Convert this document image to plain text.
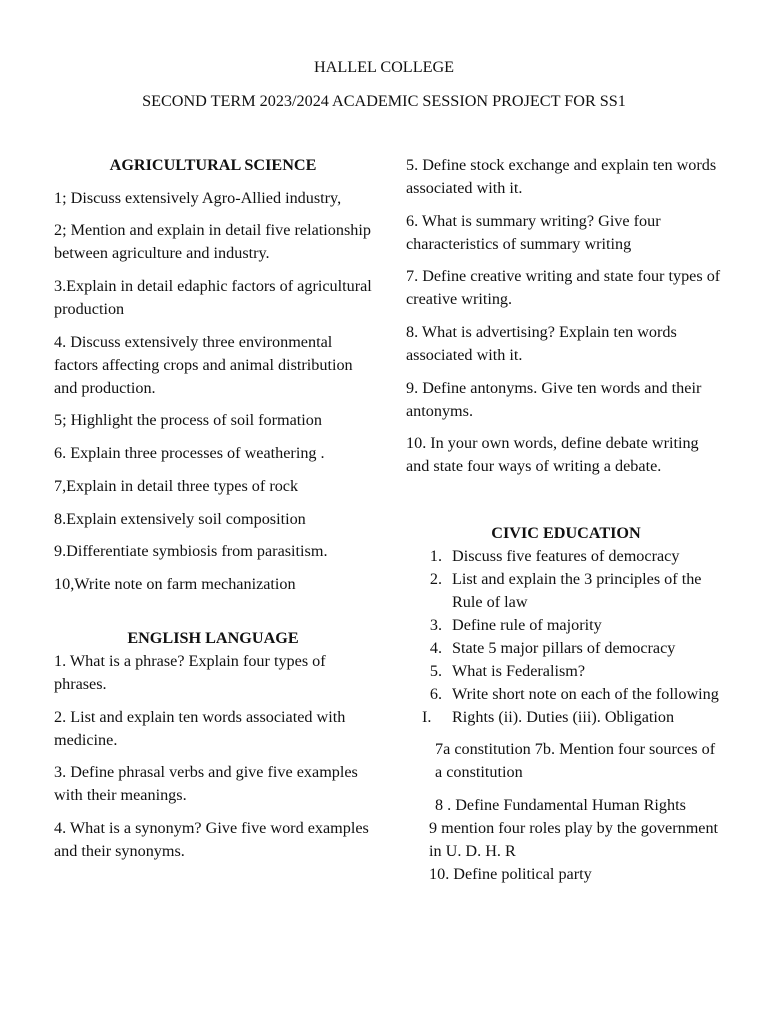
HALLEL COLLEGE
SECOND TERM 2023/2024 ACADEMIC SESSION PROJECT FOR SS1

AGRICULTURAL SCIENCE

1; Discuss extensively Agro-Allied industry,

2; Mention and explain in detail five relationship between agriculture and industry.

3.Explain in detail edaphic factors of agricultural production

4. Discuss extensively three environmental factors affecting crops and animal distribution and production.

5; Highlight the process of soil formation

6. Explain three processes of weathering .

7,Explain in detail three types of rock

8.Explain extensively soil composition

9.Differentiate symbiosis from parasitism.

10,Write note on farm mechanization

ENGLISH LANGUAGE

1. What is a phrase? Explain four types of phrases.

2. List and explain ten words associated with medicine.

3. Define phrasal verbs and give five examples with their meanings.

4. What is a synonym? Give five word examples and their synonyms.

5. Define stock exchange and explain ten words associated with it.

6. What is summary writing? Give four characteristics of summary writing

7. Define creative writing and state four types of creative writing.

8. What is advertising? Explain ten words associated with it.

9. Define antonyms. Give ten words and their antonyms.

10. In your own words, define debate writing and state four ways of writing a debate.

CIVIC EDUCATION

1. Discuss five features of democracy
2. List and explain the 3 principles of the Rule of law
3. Define rule of majority
4. State 5 major pillars of democracy
5. What is Federalism?
6. Write short note on each of the following
I. Rights (ii). Duties (iii). Obligation
7a constitution 7b. Mention four sources of a constitution
8 . Define Fundamental Human Rights
9 mention four roles play by the government in U. D. H. R
10. Define political party
